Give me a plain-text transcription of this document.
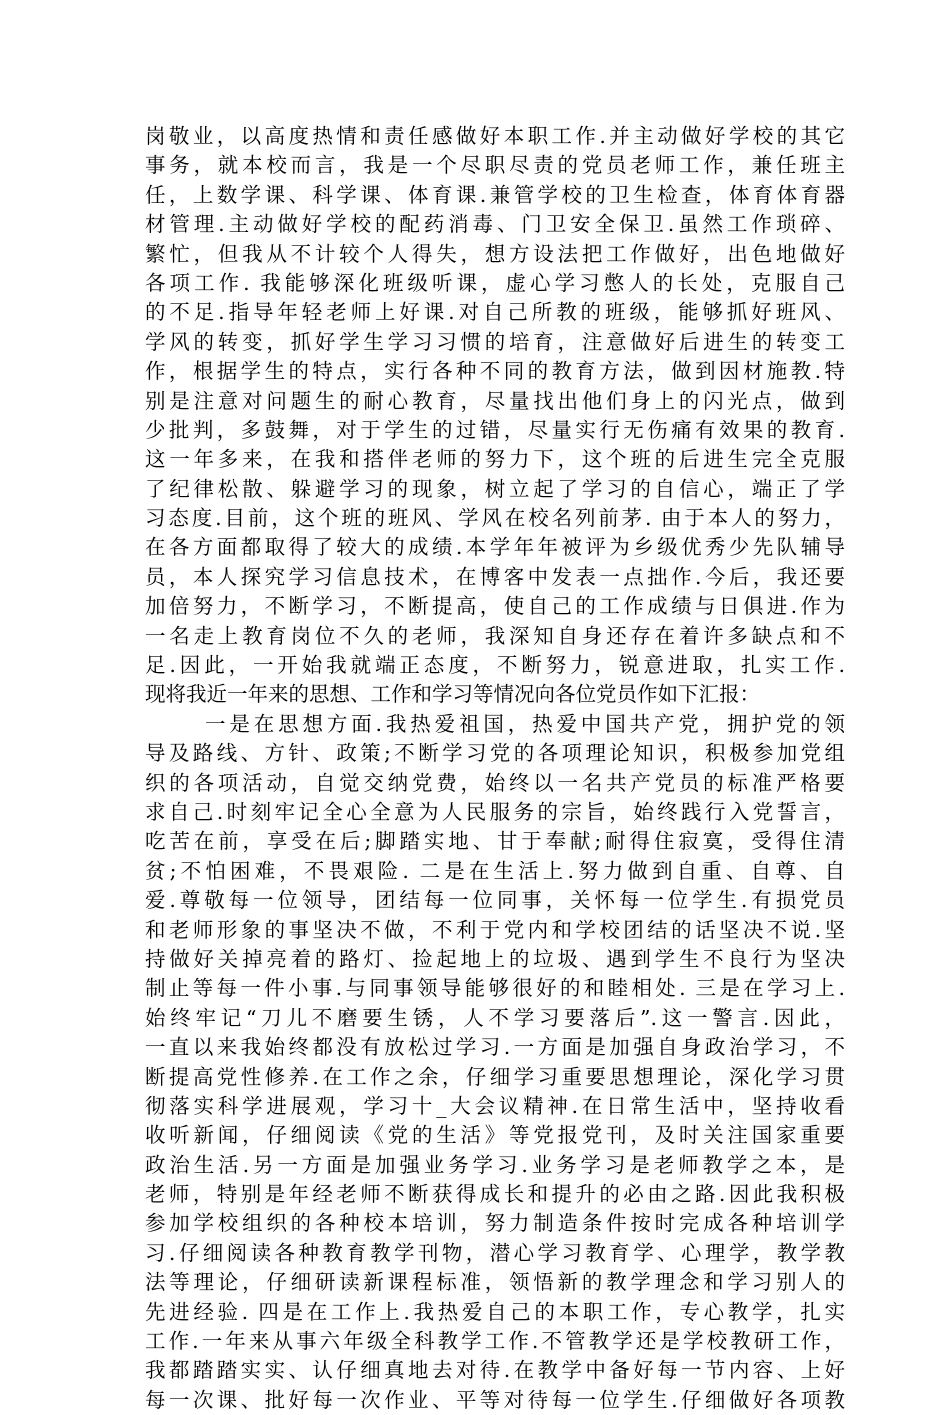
岗敬业，以高度热情和责任感做好本职工作.并主动做好学校的其它
事务，就本校而言，我是一个尽职尽责的党员老师工作，兼任班主
任，上数学课、科学课、体育课.兼管学校的卫生检查，体育体育器
材管理.主动做好学校的配药消毒、门卫安全保卫.虽然工作琐碎、
繁忙，但我从不计较个人得失，想方设法把工作做好，出色地做好
各项工作. 我能够深化班级听课，虚心学习憋人的长处，克服自己
的不足.指导年轻老师上好课.对自己所教的班级，能够抓好班风、
学风的转变，抓好学生学习习惯的培育，注意做好后进生的转变工
作，根据学生的特点，实行各种不同的教育方法，做到因材施教.特
别是注意对问题生的耐心教育，尽量找出他们身上的闪光点，做到
少批判，多鼓舞，对于学生的过错，尽量实行无伤痛有效果的教育.
这一年多来，在我和搭伴老师的努力下，这个班的后进生完全克服
了纪律松散、躲避学习的现象，树立起了学习的自信心，端正了学
习态度.目前，这个班的班风、学风在校名列前茅. 由于本人的努力，
在各方面都取得了较大的成绩.本学年年被评为乡级优秀少先队辅导
员，本人探究学习信息技术，在博客中发表一点拙作.今后，我还要
加倍努力，不断学习，不断提高，使自己的工作成绩与日俱进.作为
一名走上教育岗位不久的老师，我深知自身还存在着许多缺点和不
足.因此，一开始我就端正态度，不断努力，锐意进取，扎实工作.
现将我近一年来的思想、工作和学习等情况向各位党员作如下汇报：
一是在思想方面.我热爱祖国，热爱中国共产党，拥护党的领
导及路线、方针、政策;不断学习党的各项理论知识，积极参加党组
织的各项活动，自觉交纳党费，始终以一名共产党员的标准严格要
求自己.时刻牢记全心全意为人民服务的宗旨，始终践行入党誓言，
吃苦在前，享受在后;脚踏实地、甘于奉献;耐得住寂寞，受得住清
贫;不怕困难，不畏艰险. 二是在生活上.努力做到自重、自尊、自
爱.尊敬每一位领导，团结每一位同事，关怀每一位学生.有损党员
和老师形象的事坚决不做，不利于党内和学校团结的话坚决不说.坚
持做好关掉亮着的路灯、捡起地上的垃圾、遇到学生不良行为坚决
制止等每一件小事.与同事领导能够很好的和睦相处. 三是在学习上.
始终牢记“刀儿不磨要生锈，人不学习要落后”.这一警言.因此，
一直以来我始终都没有放松过学习.一方面是加强自身政治学习，不
断提高党性修养.在工作之余，仔细学习重要思想理论，深化学习贯
彻落实科学进展观，学习十_大会议精神.在日常生活中，坚持收看
收听新闻，仔细阅读《党的生活》等党报党刊，及时关注国家重要
政治生活.另一方面是加强业务学习.业务学习是老师教学之本，是
老师，特别是年经老师不断获得成长和提升的必由之路.因此我积极
参加学校组织的各种校本培训，努力制造条件按时完成各种培训学
习.仔细阅读各种教育教学刊物，潜心学习教育学、心理学，教学教
法等理论，仔细研读新课程标准，领悟新的教学理念和学习别人的
先进经验. 四是在工作上.我热爱自己的本职工作，专心教学，扎实
工作.一年来从事六年级全科教学工作.不管教学还是学校教研工作，
我都踏踏实实、认仔细真地去对待.在教学中备好每一节内容、上好
每一次课、批好每一次作业、平等对待每一位学生.仔细做好各项教
